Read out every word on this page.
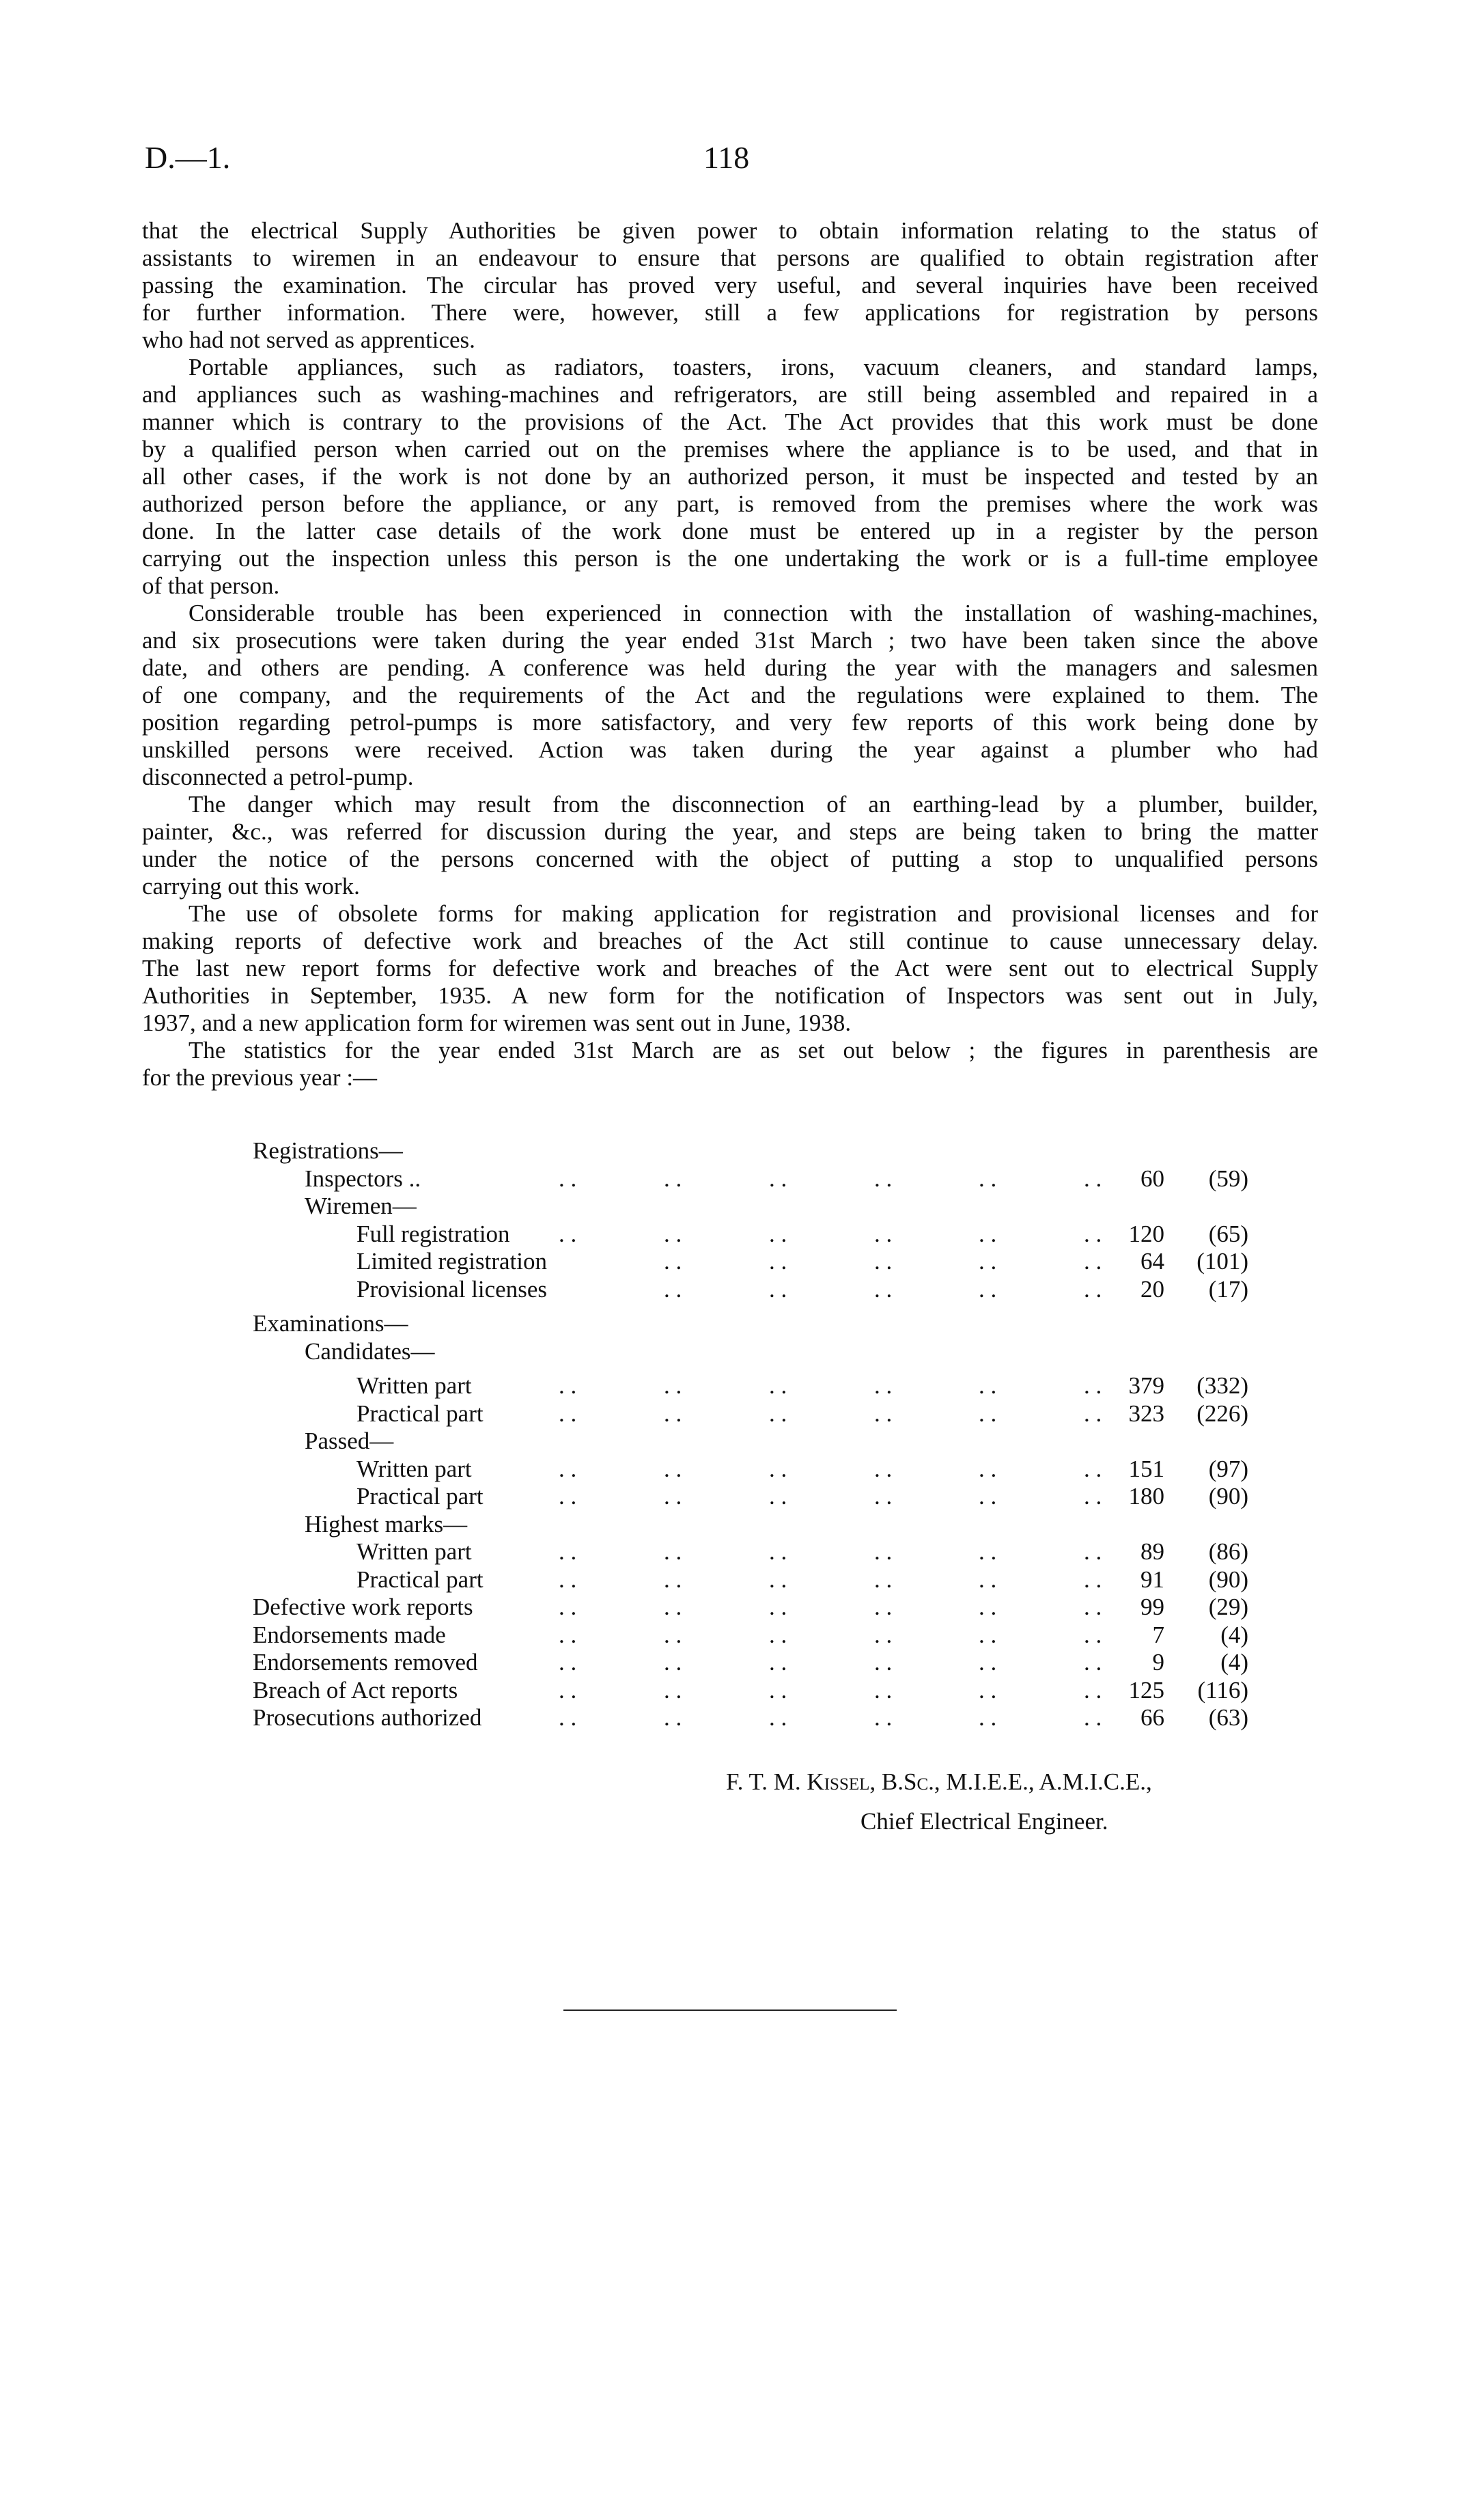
D.—1.	118
that the electrical Supply Authorities be given power to obtain information relating to the status of
assistants to wiremen in an endeavour to ensure that persons are qualified to obtain registration after
passing the examination. The circular has proved very useful, and several inquiries have been received
for further information. There were, however, still a few applications for registration by persons
who had not served as apprentices.
Portable appliances, such as radiators, toasters, irons, vacuum cleaners, and standard lamps,
and appliances such as washing-machines and refrigerators, are still being assembled and repaired in a
manner which is contrary to the provisions of the Act. The Act provides that this work must be done
by a qualified person when carried out on the premises where the appliance is to be used, and that in
all other cases, if the work is not done by an authorized person, it must be inspected and tested by an
authorized person before the appliance, or any part, is removed from the premises where the work was
done. In the latter case details of the work done must be entered up in a register by the person
carrying out the inspection unless this person is the one undertaking the work or is a full-time employee
of that person.
Considerable trouble has been experienced in connection with the installation of washing-machines,
and six prosecutions were taken during the year ended 31st March ; two have been taken since the above
date, and others are pending. A conference was held during the year with the managers and salesmen
of one company, and the requirements of the Act and the regulations were explained to them. The
position regarding petrol-pumps is more satisfactory, and very few reports of this work being done by
unskilled persons were received. Action was taken during the year against a plumber who had
disconnected a petrol-pump.
The danger which may result from the disconnection of an earthing-lead by a plumber, builder,
painter, &c., was referred for discussion during the year, and steps are being taken to bring the matter
under the notice of the persons concerned with the object of putting a stop to unqualified persons
carrying out this work.
The use of obsolete forms for making application for registration and provisional licenses and for
making reports of defective work and breaches of the Act still continue to cause unnecessary delay.
The last new report forms for defective work and breaches of the Act were sent out to electrical Supply
Authorities in September, 1935. A new form for the notification of Inspectors was sent out in July,
1937, and a new application form for wiremen was sent out in June, 1938.
The statistics for the year ended 31st March are as set out below ; the figures in parenthesis are
for the previous year :—
Registrations—
Inspectors ..	. .	. .	. .	. .	. .	. . 60 (59)
Wiremen—
Full registration . .	. .	. .	. .	. .	. . 120 (65)
Limited registration	. .	. .	. .	. .	. . 64 (101)
Provisional licenses	. .	. .	. .	. .	. . 20 (17)
Examinations—
Candidates—
Written part	. .	. .	. .	. .	. .	. . 379 (332)
Practical part	. .	. .	. .	. .	. .	. . 323 (226)
Passed—
Written part	. .	. .	. .	. .	. .	. . 151 (97)
Practical part	. .	. .	. .	. .	. .	. . 180 (90)
Highest marks—
Written part	. .	. .	. .	. .	. .	. . 89 (86)
Practical part	. .	. .	. .	. .	. .	. . 91 (90)
Defective work reports	. .	. .	. .	. .	. .	. . 99 (29)
Endorsements made	. .	. .	. .	. .	. .	. . 7 (4)
Endorsements removed	. .	. .	. .	. .	. .	. . 9 (4)
Breach of Act reports	. .	. .	. .	. .	. .	. . 125 (116)
Prosecutions authorized	. .	. .	. .	. .	. .	. . 66 (63)
F. T. M. Kissel, B.Sc., M.I.E.E., A.M.I.C.E.,
Chief Electrical Engineer.
